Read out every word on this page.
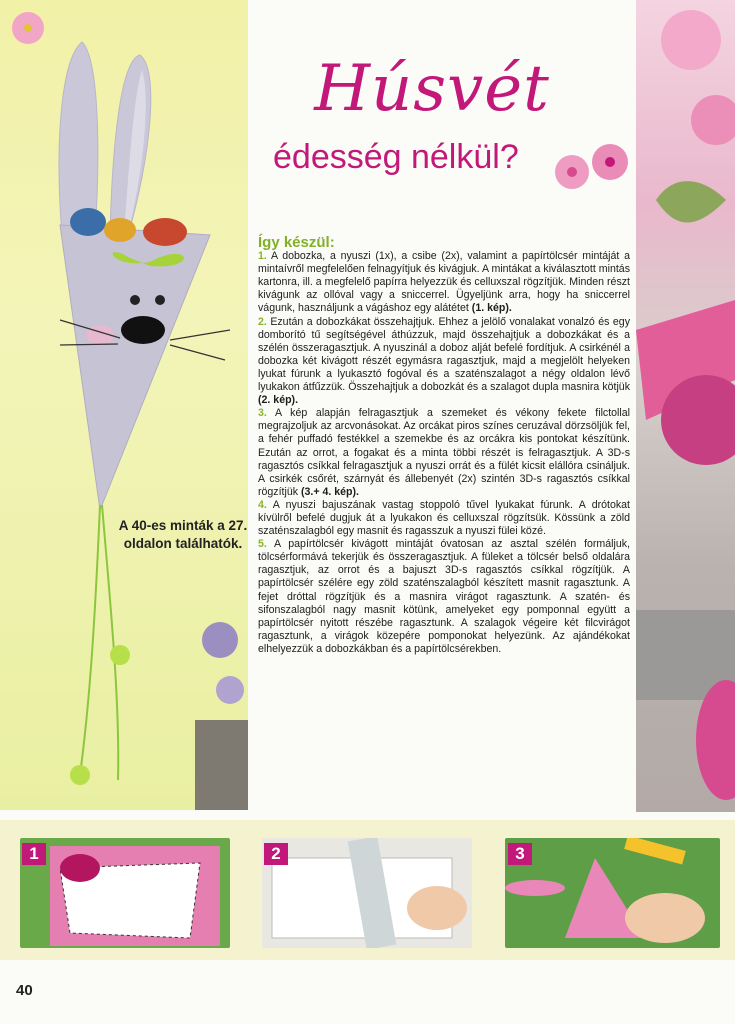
Húsvét
édesség nélkül?
Így készül:

1. A dobozka, a nyuszi (1x), a csibe (2x), valamint a papírtölcsér mintáját a mintaívről megfelelően felnagyítjuk és kivágjuk. A mintákat a kiválasztott mintás kartonra, ill. a megfelelő papírra helyezzük és celluxszal rögzítjük. Minden részt kivágunk az ollóval vagy a sniccerrel. Ügyeljünk arra, hogy ha sniccerrel vágunk, használjunk a vágáshoz egy alátétet (1. kép).

2. Ezután a dobozkákat összehajtjuk. Ehhez a jelölő vonalakat vonalzó és egy domborító tű segítségével áthúzzuk, majd összehajtjuk a dobozkákat és a szélén összeragasztjuk. A nyuszinál a doboz alját befelé fordítjuk. A csirkénél a dobozka két kivágott részét egymásra ragasztjuk, majd a megjelölt helyeken lyukat fúrunk a lyukasztó fogóval és a szaténszalagot a négy oldalon lévő lyukakon átfűzzük. Összehajtjuk a dobozkát és a szalagot dupla masnira kötjük (2. kép).

3. A kép alapján felragasztjuk a szemeket és vékony fekete filctollal megrajzoljuk az arcvonásokat. Az orcákat piros színes ceruzával dörzsöljük fel, a fehér puffadó festékkel a szemekbe és az orcákra kis pontokat készítünk. Ezután az orrot, a fogakat és a minta többi részét is felragasztjuk. A 3D-s ragasztós csíkkal felragasztjuk a nyuszi orrát és a fülét kicsit elállóra csináljuk. A csirkék csőrét, szárnyát és állebenyét (2x) szintén 3D-s ragasztós csíkkal rögzítjük (3.+ 4. kép).

4. A nyuszi bajuszának vastag stoppoló tűvel lyukakat fúrunk. A drótokat kívülről befelé dugjuk át a lyukakon és celluxszal rögzítsük. Kössünk a zöld szaténszalagból egy masnit és ragasszuk a nyuszi fülei közé.

5. A papírtölcsér kivágott mintáját óvatosan az asztal szélén formáljuk, tölcsérformává tekerjük és összeragasztjuk. A füleket a tölcsér belső oldalára ragasztjuk, az orrot és a bajuszt 3D-s ragasztós csíkkal rögzítjük. A papírtölcsér szélére egy zöld szaténszalagból készített masnit ragasztunk. A fejet dróttal rögzítjük és a masnira virágot ragasztunk. A szatén- és sifonszalagból nagy masnit kötünk, amelyeket egy pomponnal együtt a papírtölcsér nyitott részébe ragasztunk. A szalagok végeire két filcvirágot ragasztunk, a virágok közepére pomponokat helyezünk. Az ajándékokat elhelyezzük a dobozkákban és a papírtölcsérekben.

A 40-es minták a 27. oldalon találhatók.
1	2	3
40
